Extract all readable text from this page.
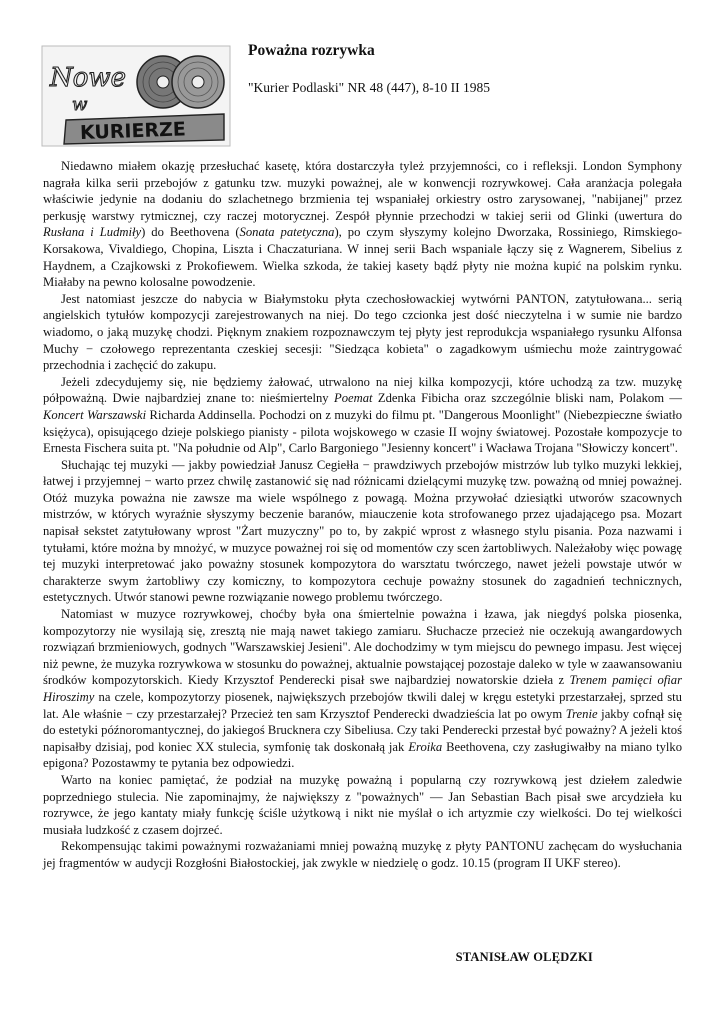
Nowe
w
KURIERZE
Poważna rozrywka

"Kurier Podlaski" NR 48 (447), 8-10 II 1985

Niedawno miałem okazję przesłuchać kasetę, która dostarczyła tyleż przyjemności, co i refleksji. London Symphony nagrała kilka serii przebojów z gatunku tzw. muzyki poważnej, ale w konwencji rozrywkowej. Cała aranżacja polegała właściwie jedynie na dodaniu do szlachetnego brzmienia tej wspaniałej orkiestry ostro zarysowanej, "nabijanej" przez perkusję warstwy rytmicznej, czy raczej motorycznej. Zespół płynnie przechodzi w takiej serii od Glinki (uwertura do Rusłana i Ludmiły) do Beethovena (Sonata patetyczna), po czym słyszymy kolejno Dworzaka, Rossiniego, Rimskiego-Korsakowa, Vivaldiego, Chopina, Liszta i Chaczaturiana. W innej serii Bach wspaniale łączy się z Wagnerem, Sibelius z Haydnem, a Czajkowski z Prokofiewem. Wielka szkoda, że takiej kasety bądź płyty nie można kupić na polskim rynku. Miałaby na pewno kolosalne powodzenie.

Jest natomiast jeszcze do nabycia w Białymstoku płyta czechosłowackiej wytwórni PANTON, zatytułowana... serią angielskich tytułów kompozycji zarejestrowanych na niej. Do tego czcionka jest dość nieczytelna i w sumie nie bardzo wiadomo, o jaką muzykę chodzi. Pięknym znakiem rozpoznawczym tej płyty jest reprodukcja wspaniałego rysunku Alfonsa Muchy − czołowego reprezentanta czeskiej secesji: "Siedząca kobieta" o zagadkowym uśmiechu może zaintrygować przechodnia i zachęcić do zakupu.

Jeżeli zdecydujemy się, nie będziemy żałować, utrwalono na niej kilka kompozycji, które uchodzą za tzw. muzykę półpoważną. Dwie najbardziej znane to: nieśmiertelny Poemat Zdenka Fibicha oraz szczególnie bliski nam, Polakom — Koncert Warszawski Richarda Addinsella. Pochodzi on z muzyki do filmu pt. "Dangerous Moonlight" (Niebezpieczne światło księżyca), opisującego dzieje polskiego pianisty - pilota wojskowego w czasie II wojny światowej. Pozostałe kompozycje to Ernesta Fischera suita pt. "Na południe od Alp", Carlo Bargoniego "Jesienny koncert" i Wacława Trojana "Słowiczy koncert".

Słuchając tej muzyki — jakby powiedział Janusz Cegiełła − prawdziwych przebojów mistrzów lub tylko muzyki lekkiej, łatwej i przyjemnej − warto przez chwilę zastanowić się nad różnicami dzielącymi muzykę tzw. poważną od mniej poważnej. Otóż muzyka poważna nie zawsze ma wiele wspólnego z powagą. Można przywołać dziesiątki utworów szacownych mistrzów, w których wyraźnie słyszymy beczenie baranów, miauczenie kota strofowanego przez ujadającego psa. Mozart napisał sekstet zatytułowany wprost "Żart muzyczny" po to, by zakpić wprost z własnego stylu pisania. Poza nazwami i tytułami, które można by mnożyć, w muzyce poważnej roi się od momentów czy scen żartobliwych. Należałoby więc powagę tej muzyki interpretować jako poważny stosunek kompozytora do warsztatu twórczego, nawet jeżeli powstaje utwór w charakterze swym żartobliwy czy komiczny, to kompozytora cechuje poważny stosunek do zagadnień technicznych, estetycznych. Utwór stanowi pewne rozwiązanie nowego problemu twórczego.

Natomiast w muzyce rozrywkowej, choćby była ona śmiertelnie poważna i łzawa, jak niegdyś polska piosenka, kompozytorzy nie wysilają się, zresztą nie mają nawet takiego zamiaru. Słuchacze przecież nie oczekują awangardowych rozwiązań brzmieniowych, godnych "Warszawskiej Jesieni". Ale dochodzimy w tym miejscu do pewnego impasu. Jest więcej niż pewne, że muzyka rozrywkowa w stosunku do poważnej, aktualnie powstającej pozostaje daleko w tyle w zaawansowaniu środków kompozytorskich. Kiedy Krzysztof Penderecki pisał swe najbardziej nowatorskie dzieła z Trenem pamięci ofiar Hiroszimy na czele, kompozytorzy piosenek, największych przebojów tkwili dalej w kręgu estetyki przestarzałej, sprzed stu lat. Ale właśnie − czy przestarzałej? Przecież ten sam Krzysztof Penderecki dwadzieścia lat po owym Trenie jakby cofnął się do estetyki późnoromantycznej, do jakiegoś Brucknera czy Sibeliusa. Czy taki Penderecki przestał być poważny? A jeżeli ktoś napisałby dzisiaj, pod koniec XX stulecia, symfonię tak doskonałą jak Eroika Beethovena, czy zasługiwałby na miano tylko epigona? Pozostawmy te pytania bez odpowiedzi.

Warto na koniec pamiętać, że podział na muzykę poważną i popularną czy rozrywkową jest dziełem zaledwie poprzedniego stulecia. Nie zapominajmy, że największy z "poważnych" — Jan Sebastian Bach pisał swe arcydzieła ku rozrywce, że jego kantaty miały funkcję ściśle użytkową i nikt nie myślał o ich artyzmie czy wielkości. Do tej wielkości musiała ludzkość z czasem dojrzeć.

Rekompensując takimi poważnymi rozważaniami mniej poważną muzykę z płyty PANTONU zachęcam do wysłuchania jej fragmentów w audycji Rozgłośni Białostockiej, jak zwykle w niedzielę o godz. 10.15 (program II UKF stereo).

STANISŁAW OLĘDZKI
